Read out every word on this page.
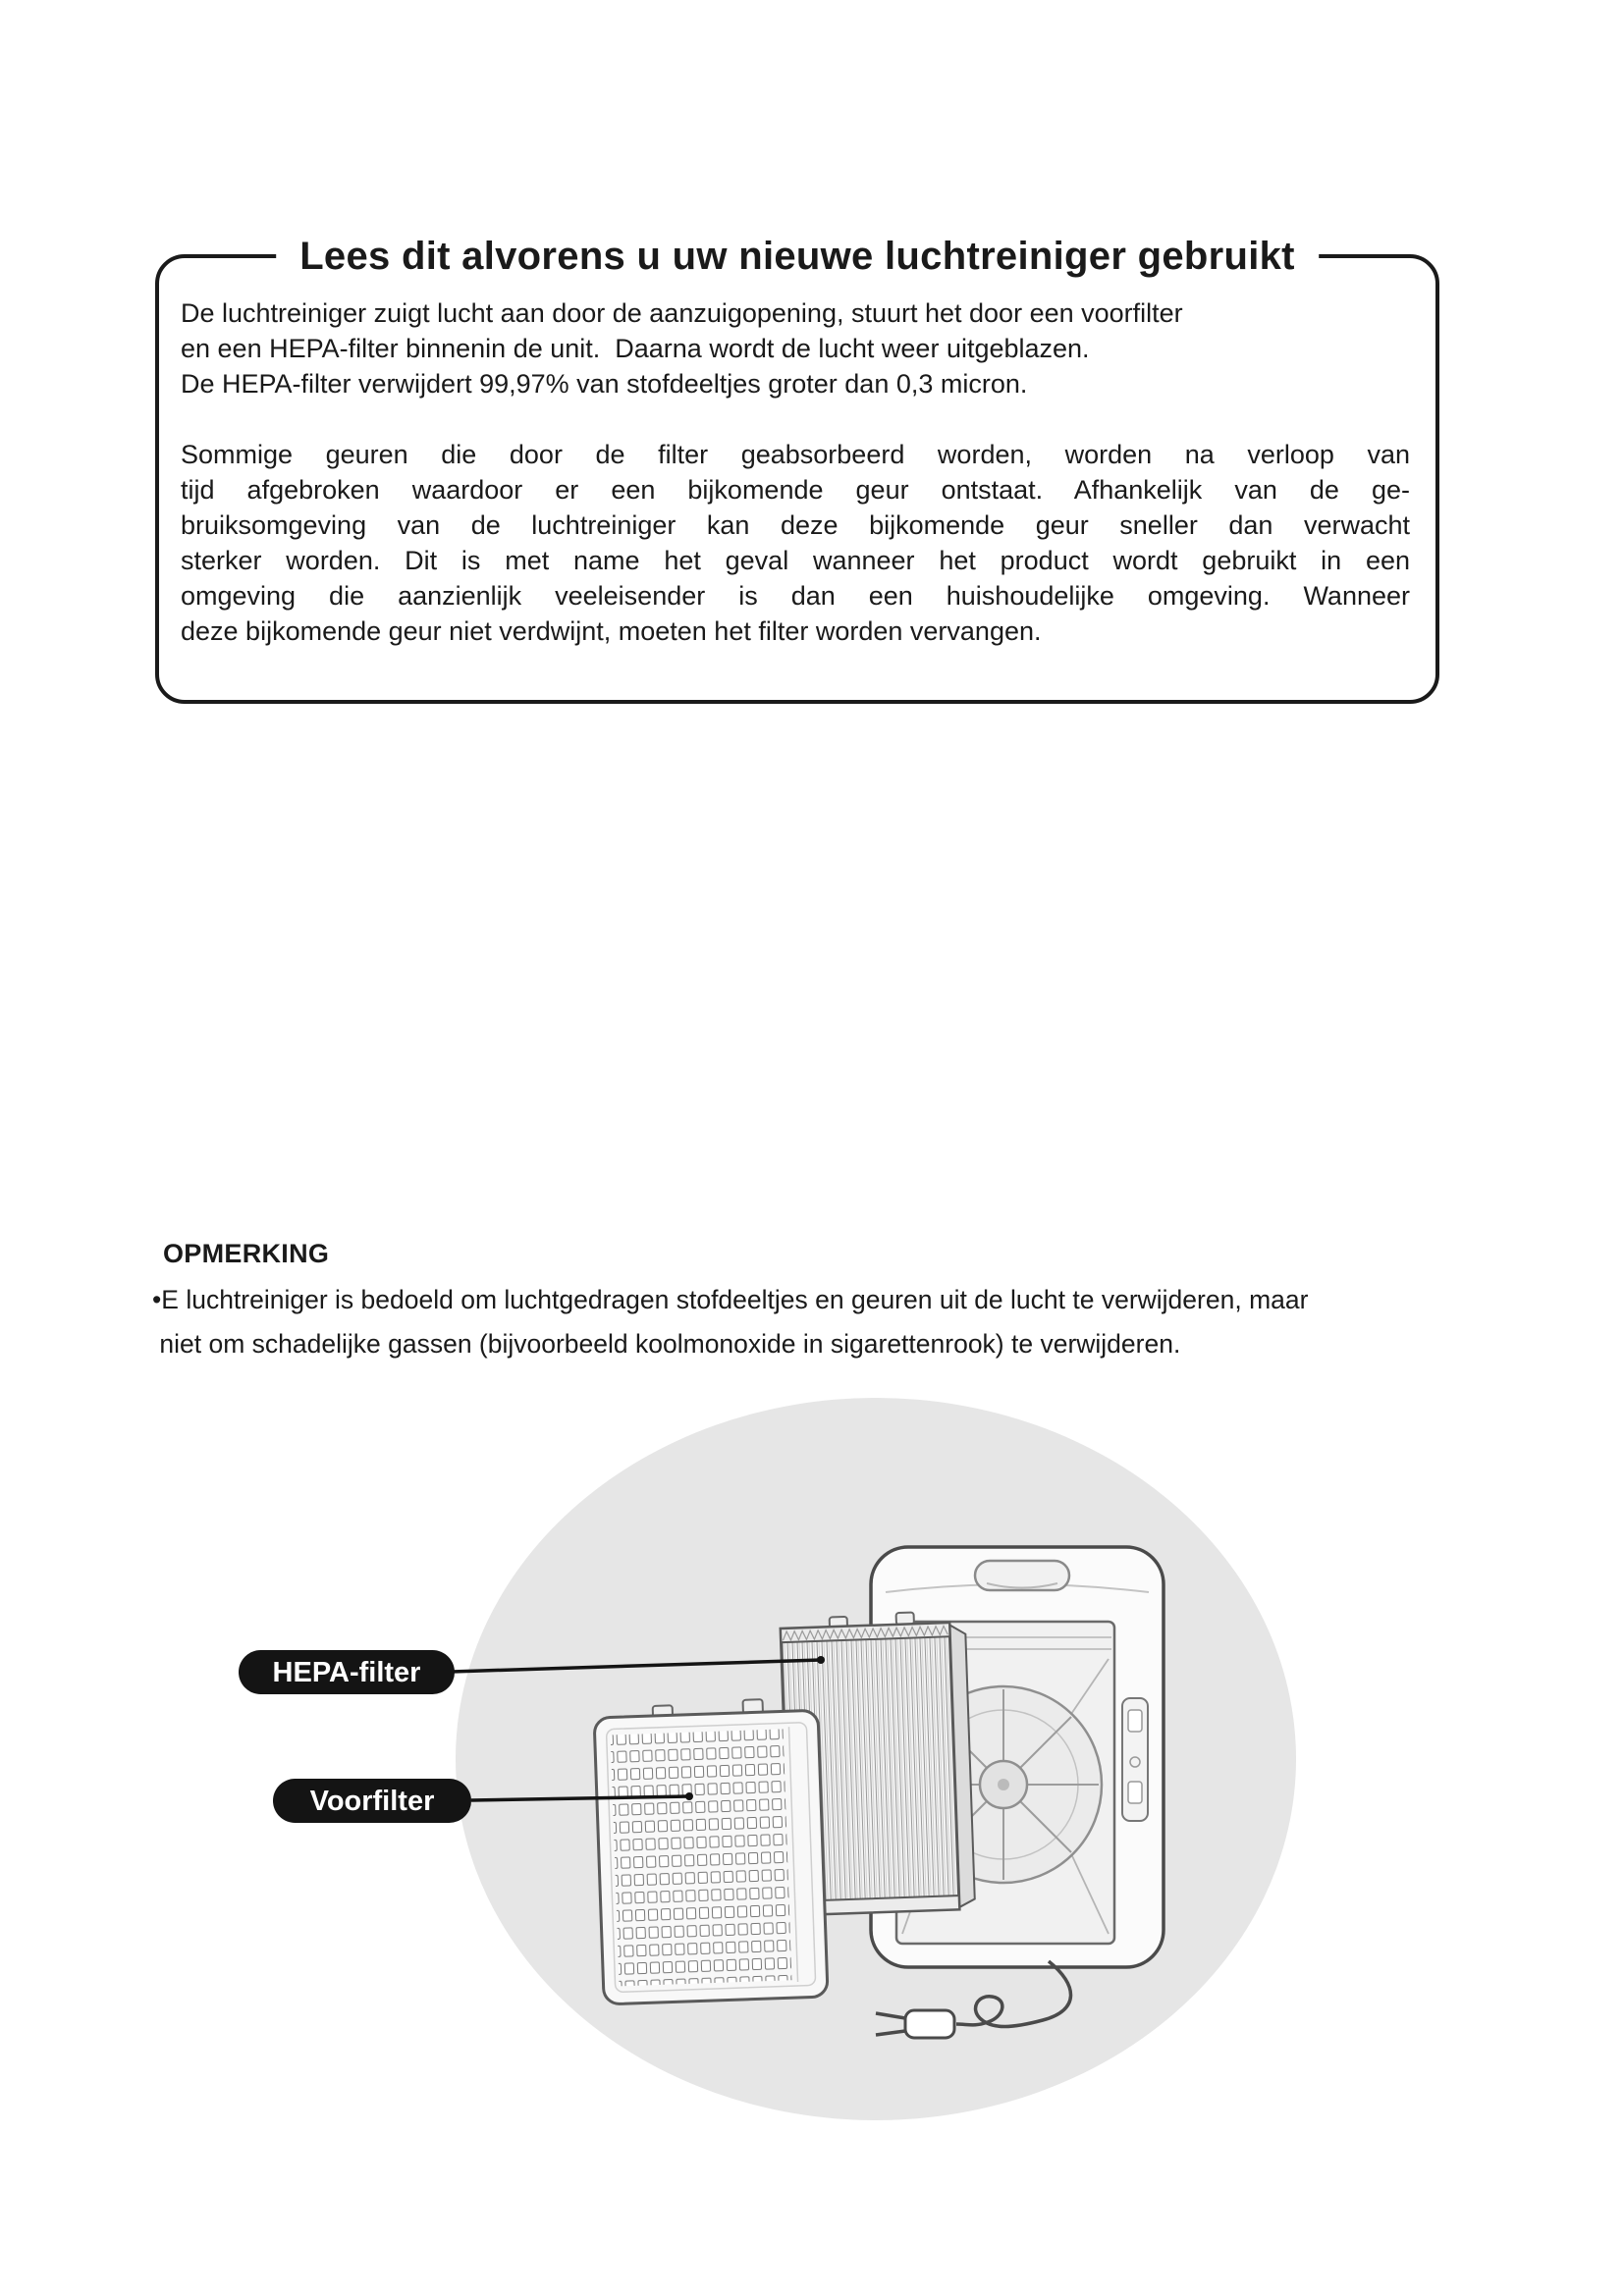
Lees dit alvorens u uw nieuwe luchtreiniger gebruikt
De luchtreiniger zuigt lucht aan door de aanzuigopening, stuurt het door een voorfilter
en een HEPA-filter binnenin de unit.  Daarna wordt de lucht weer uitgeblazen.
De HEPA-filter verwijdert 99,97% van stofdeeltjes groter dan 0,3 micron.
Sommige geuren die door de filter geabsorbeerd worden, worden na verloop van
tijd afgebroken waardoor er een bijkomende geur ontstaat. Afhankelijk van de ge-
bruiksomgeving van de luchtreiniger kan deze bijkomende geur sneller dan verwacht
sterker worden. Dit is met name het geval wanneer het product wordt gebruikt in een
omgeving die aanzienlijk veeleisender is dan een huishoudelijke omgeving. Wanneer
deze bijkomende geur niet verdwijnt, moeten het filter worden vervangen.
OPMERKING
•E luchtreiniger is bedoeld om luchtgedragen stofdeeltjes en geuren uit de lucht te verwijderen, maar
niet om schadelijke gassen (bijvoorbeeld koolmonoxide in sigarettenrook) te verwijderen.
HEPA-filter
Voorfilter
